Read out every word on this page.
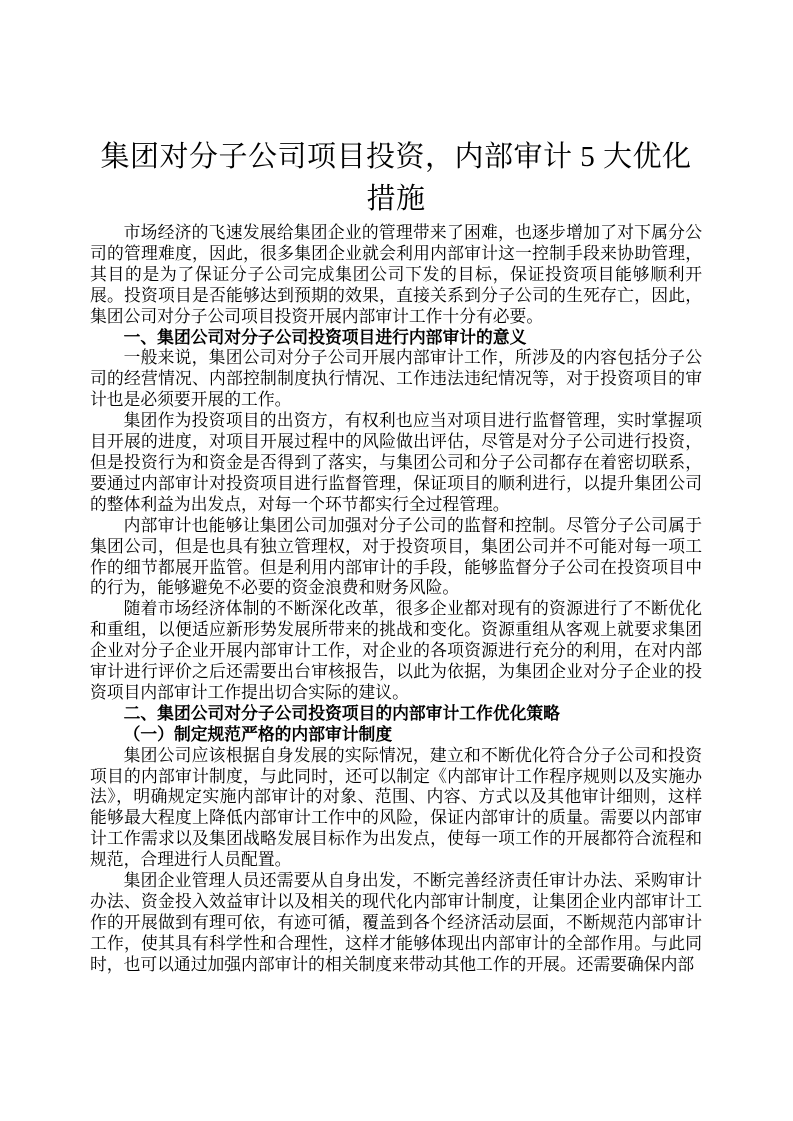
集团对分子公司项目投资，内部审计 5 大优化措施

市场经济的飞速发展给集团企业的管理带来了困难，也逐步增加了对下属分公司的管理难度，因此，很多集团企业就会利用内部审计这一控制手段来协助管理，其目的是为了保证分子公司完成集团公司下发的目标，保证投资项目能够顺利开展。投资项目是否能够达到预期的效果，直接关系到分子公司的生死存亡，因此，集团公司对分子公司项目投资开展内部审计工作十分有必要。

一、集团公司对分子公司投资项目进行内部审计的意义

一般来说，集团公司对分子公司开展内部审计工作，所涉及的内容包括分子公司的经营情况、内部控制制度执行情况、工作违法违纪情况等，对于投资项目的审计也是必须要开展的工作。

集团作为投资项目的出资方，有权利也应当对项目进行监督管理，实时掌握项目开展的进度，对项目开展过程中的风险做出评估，尽管是对分子公司进行投资，但是投资行为和资金是否得到了落实，与集团公司和分子公司都存在着密切联系，要通过内部审计对投资项目进行监督管理，保证项目的顺利进行，以提升集团公司的整体利益为出发点，对每一个环节都实行全过程管理。

内部审计也能够让集团公司加强对分子公司的监督和控制。尽管分子公司属于集团公司，但是也具有独立管理权，对于投资项目，集团公司并不可能对每一项工作的细节都展开监管。但是利用内部审计的手段，能够监督分子公司在投资项目中的行为，能够避免不必要的资金浪费和财务风险。

随着市场经济体制的不断深化改革，很多企业都对现有的资源进行了不断优化和重组，以便适应新形势发展所带来的挑战和变化。资源重组从客观上就要求集团企业对分子企业开展内部审计工作，对企业的各项资源进行充分的利用，在对内部审计进行评价之后还需要出台审核报告，以此为依据，为集团企业对分子企业的投资项目内部审计工作提出切合实际的建议。

二、集团公司对分子公司投资项目的内部审计工作优化策略

（一）制定规范严格的内部审计制度

集团公司应该根据自身发展的实际情况，建立和不断优化符合分子公司和投资项目的内部审计制度，与此同时，还可以制定《内部审计工作程序规则以及实施办法》，明确规定实施内部审计的对象、范围、内容、方式以及其他审计细则，这样能够最大程度上降低内部审计工作中的风险，保证内部审计的质量。需要以内部审计工作需求以及集团战略发展目标作为出发点，使每一项工作的开展都符合流程和规范，合理进行人员配置。

集团企业管理人员还需要从自身出发，不断完善经济责任审计办法、采购审计办法、资金投入效益审计以及相关的现代化内部审计制度，让集团企业内部审计工作的开展做到有理可依，有迹可循，覆盖到各个经济活动层面，不断规范内部审计工作，使其具有科学性和合理性，这样才能够体现出内部审计的全部作用。与此同时，也可以通过加强内部审计的相关制度来带动其他工作的开展。还需要确保内部
